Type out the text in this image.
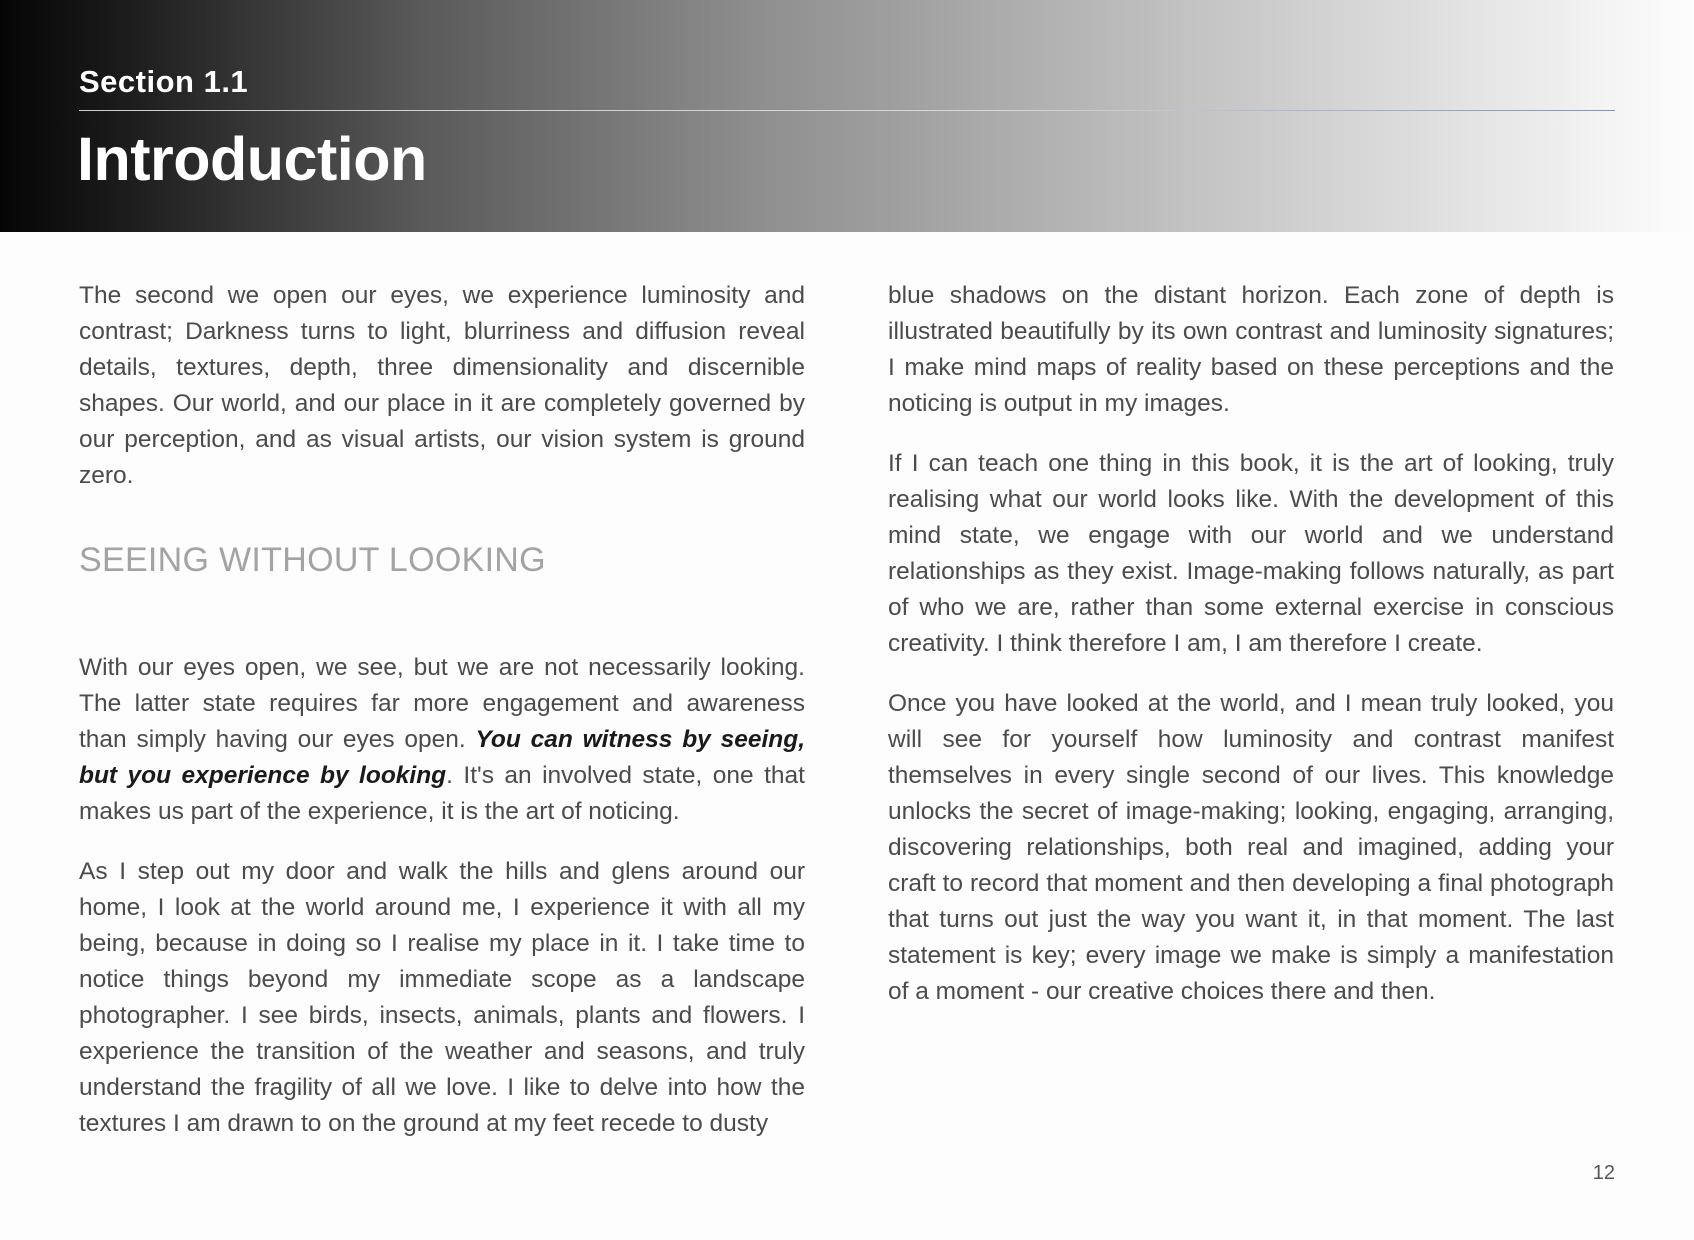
Section 1.1
Introduction

The second we open our eyes, we experience luminosity and contrast; Darkness turns to light, blurriness and diffusion reveal details, textures, depth, three dimensionality and discernible shapes. Our world, and our place in it are completely governed by our perception, and as visual artists, our vision system is ground zero.

SEEING WITHOUT LOOKING

With our eyes open, we see, but we are not necessarily looking. The latter state requires far more engagement and awareness than simply having our eyes open. You can witness by seeing, but you experience by looking. It's an involved state, one that makes us part of the experience, it is the art of noticing.

As I step out my door and walk the hills and glens around our home, I look at the world around me, I experience it with all my being, because in doing so I realise my place in it. I take time to notice things beyond my immediate scope as a landscape photographer. I see birds, insects, animals, plants and flowers. I experience the transition of the weather and seasons, and truly understand the fragility of all we love. I like to delve into how the textures I am drawn to on the ground at my feet recede to dusty

blue shadows on the distant horizon. Each zone of depth is illustrated beautifully by its own contrast and luminosity signatures; I make mind maps of reality based on these perceptions and the noticing is output in my images.

If I can teach one thing in this book, it is the art of looking, truly realising what our world looks like. With the development of this mind state, we engage with our world and we understand relationships as they exist. Image-making follows naturally, as part of who we are, rather than some external exercise in conscious creativity. I think therefore I am, I am therefore I create.

Once you have looked at the world, and I mean truly looked, you will see for yourself how luminosity and contrast manifest themselves in every single second of our lives. This knowledge unlocks the secret of image-making; looking, engaging, arranging, discovering relationships, both real and imagined, adding your craft to record that moment and then developing a final photograph that turns out just the way you want it, in that moment. The last statement is key; every image we make is simply a manifestation of a moment - our creative choices there and then.

12
